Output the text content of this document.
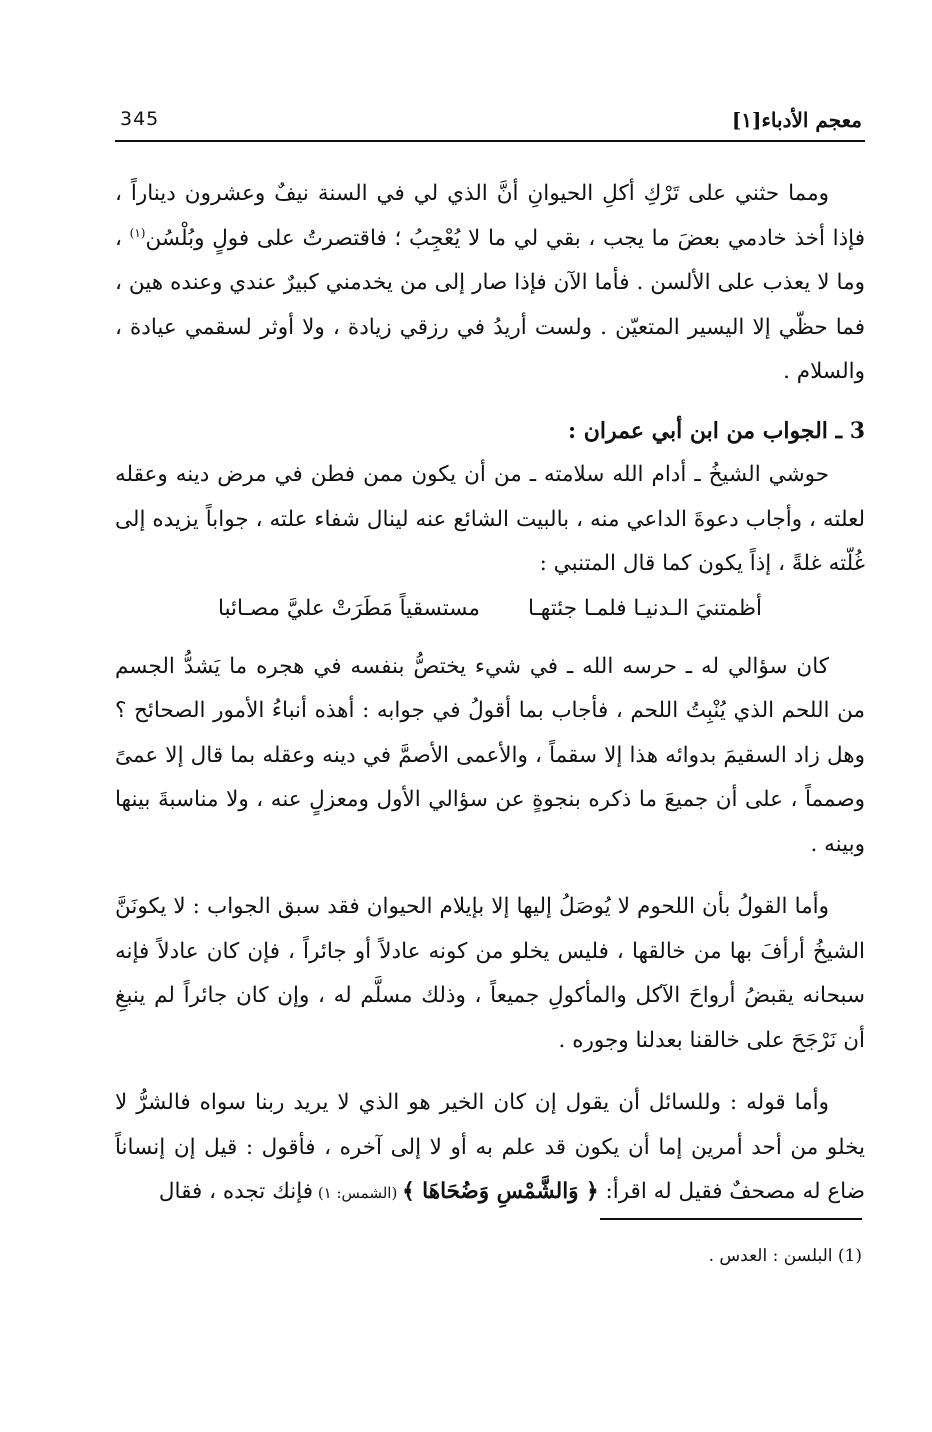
345	معجم الأدباء[١]

ومما حثني على تَرْكِ أكلِ الحيوانِ أنَّ الذي لي في السنة نيفٌ وعشرون ديناراً ، فإذا أخذ خادمي بعضَ ما يجب ، بقي لي ما لا يُعْجِبُ ؛ فاقتصرتُ على فولٍ وبُلْسُن$^{(١)}$ ، وما لا يعذب على الألسن . فأما الآن فإذا صار إلى من يخدمني كبيرٌ عندي وعنده هين ، فما حظّي إلا اليسير المتعيّن . ولست أريدُ في رزقي زيادة ، ولا أوثر لسقمي عيادة ، والسلام .

3 ـ الجواب من ابن أبي عمران :

حوشي الشيخُ ـ أدام الله سلامته ـ من أن يكون ممن فطن في مرض دينه وعقله لعلته ، وأجاب دعوةَ الداعي منه ، بالبيت الشائع عنه لينال شفاء علته ، جواباً يزيده إلى غُلّته غلةً ، إذاً يكون كما قال المتنبي :

أظمتنيَ الـدنيـا فلمـا جئتهـا
مستسقياً مَطَرَتْ عليَّ مصـائبا

كان سؤالي له ـ حرسه الله ـ في شيء يختصُّ بنفسه في هجره ما يَشدُّ الجسم من اللحم الذي يُنْبِتُ اللحم ، فأجاب بما أقولُ في جوابه : أهذه أنباءُ الأمور الصحائح ؟ وهل زاد السقيمَ بدوائه هذا إلا سقماً ، والأعمى الأصمَّ في دينه وعقله بما قال إلا عمىً وصمماً ، على أن جميعَ ما ذكره بنجوةٍ عن سؤالي الأول ومعزلٍ عنه ، ولا مناسبةَ بينها وبينه .

وأما القولُ بأن اللحوم لا يُوصَلُ إليها إلا بإيلام الحيوان فقد سبق الجواب : لا يكونَنَّ الشيخُ أرأفَ بها من خالقها ، فليس يخلو من كونه عادلاً أو جائراً ، فإن كان عادلاً فإنه سبحانه يقبضُ أرواحَ الآكل والمأكولِ جميعاً ، وذلك مسلَّم له ، وإن كان جائراً لم ينبغِ أن نَرْجَحَ على خالقنا بعدلنا وجوره .

وأما قوله : وللسائل أن يقول إن كان الخير هو الذي لا يريد ربنا سواه فالشرُّ لا يخلو من أحد أمرين إما أن يكون قد علم به أو لا إلى آخره ، فأقول : قيل إن إنساناً ضاع له مصحفٌ فقيل له اقرأ: ﴿ وَالشَّمْسِ وَضُحَاهَا ﴾ (الشمس: ١) فإنك تجده ، فقال

(1) البلسن : العدس .
